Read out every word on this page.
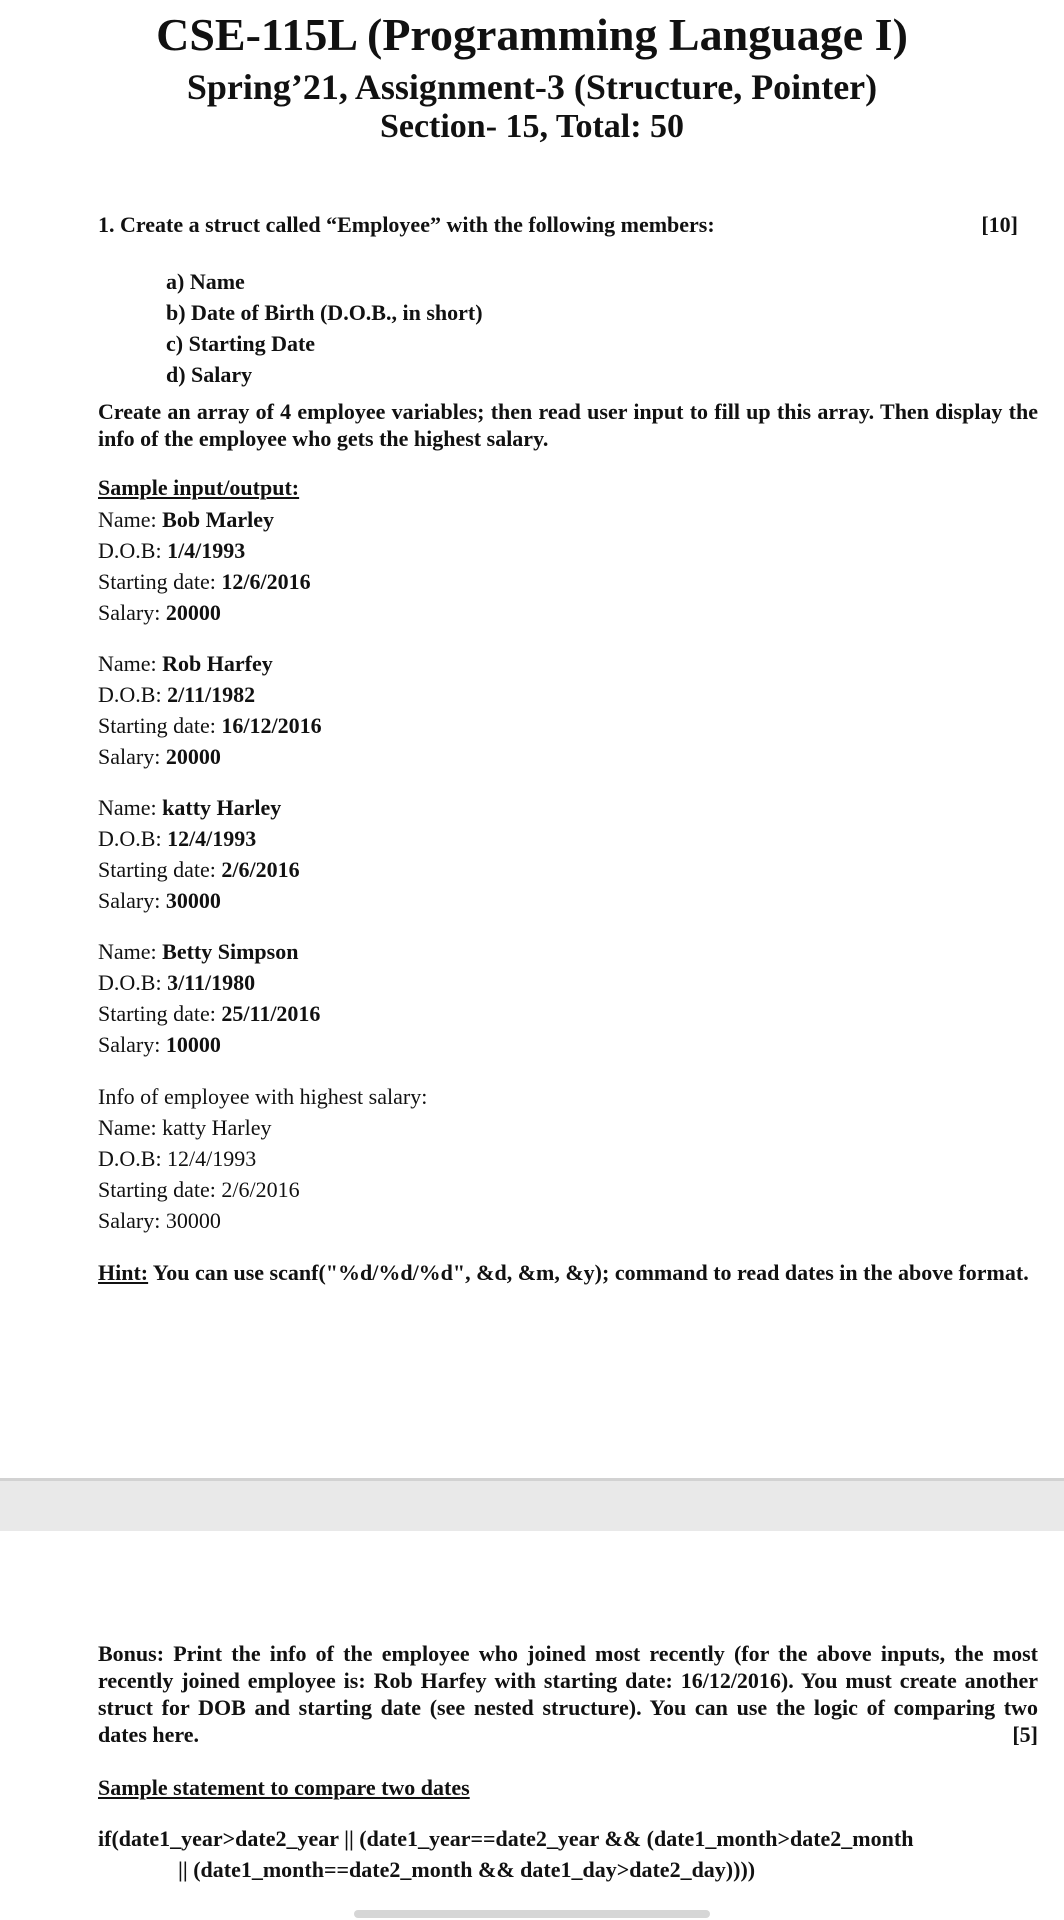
CSE-115L (Programming Language I)
Spring’21, Assignment-3 (Structure, Pointer)
Section- 15, Total: 50
1. Create a struct called “Employee” with the following members:	[10]
a) Name
b) Date of Birth (D.O.B., in short)
c) Starting Date
d) Salary
Create an array of 4 employee variables; then read user input to fill up this array. Then display the info of the employee who gets the highest salary.
Sample input/output:
Name: Bob Marley
D.O.B: 1/4/1993
Starting date: 12/6/2016
Salary: 20000
Name: Rob Harfey
D.O.B: 2/11/1982
Starting date: 16/12/2016
Salary: 20000
Name: katty Harley
D.O.B: 12/4/1993
Starting date: 2/6/2016
Salary: 30000
Name: Betty Simpson
D.O.B: 3/11/1980
Starting date: 25/11/2016
Salary: 10000
Info of employee with highest salary:
Name: katty Harley
D.O.B: 12/4/1993
Starting date: 2/6/2016
Salary: 30000
Hint: You can use scanf("%d/%d/%d", &d, &m, &y); command to read dates in the above format.
Bonus: Print the info of the employee who joined most recently (for the above inputs, the most recently joined employee is: Rob Harfey with starting date: 16/12/2016). You must create another struct for DOB and starting date (see nested structure). You can use the logic of comparing two dates here.	[5]
Sample statement to compare two dates
if(date1_year>date2_year || (date1_year==date2_year && (date1_month>date2_month
|| (date1_month==date2_month && date1_day>date2_day))))
